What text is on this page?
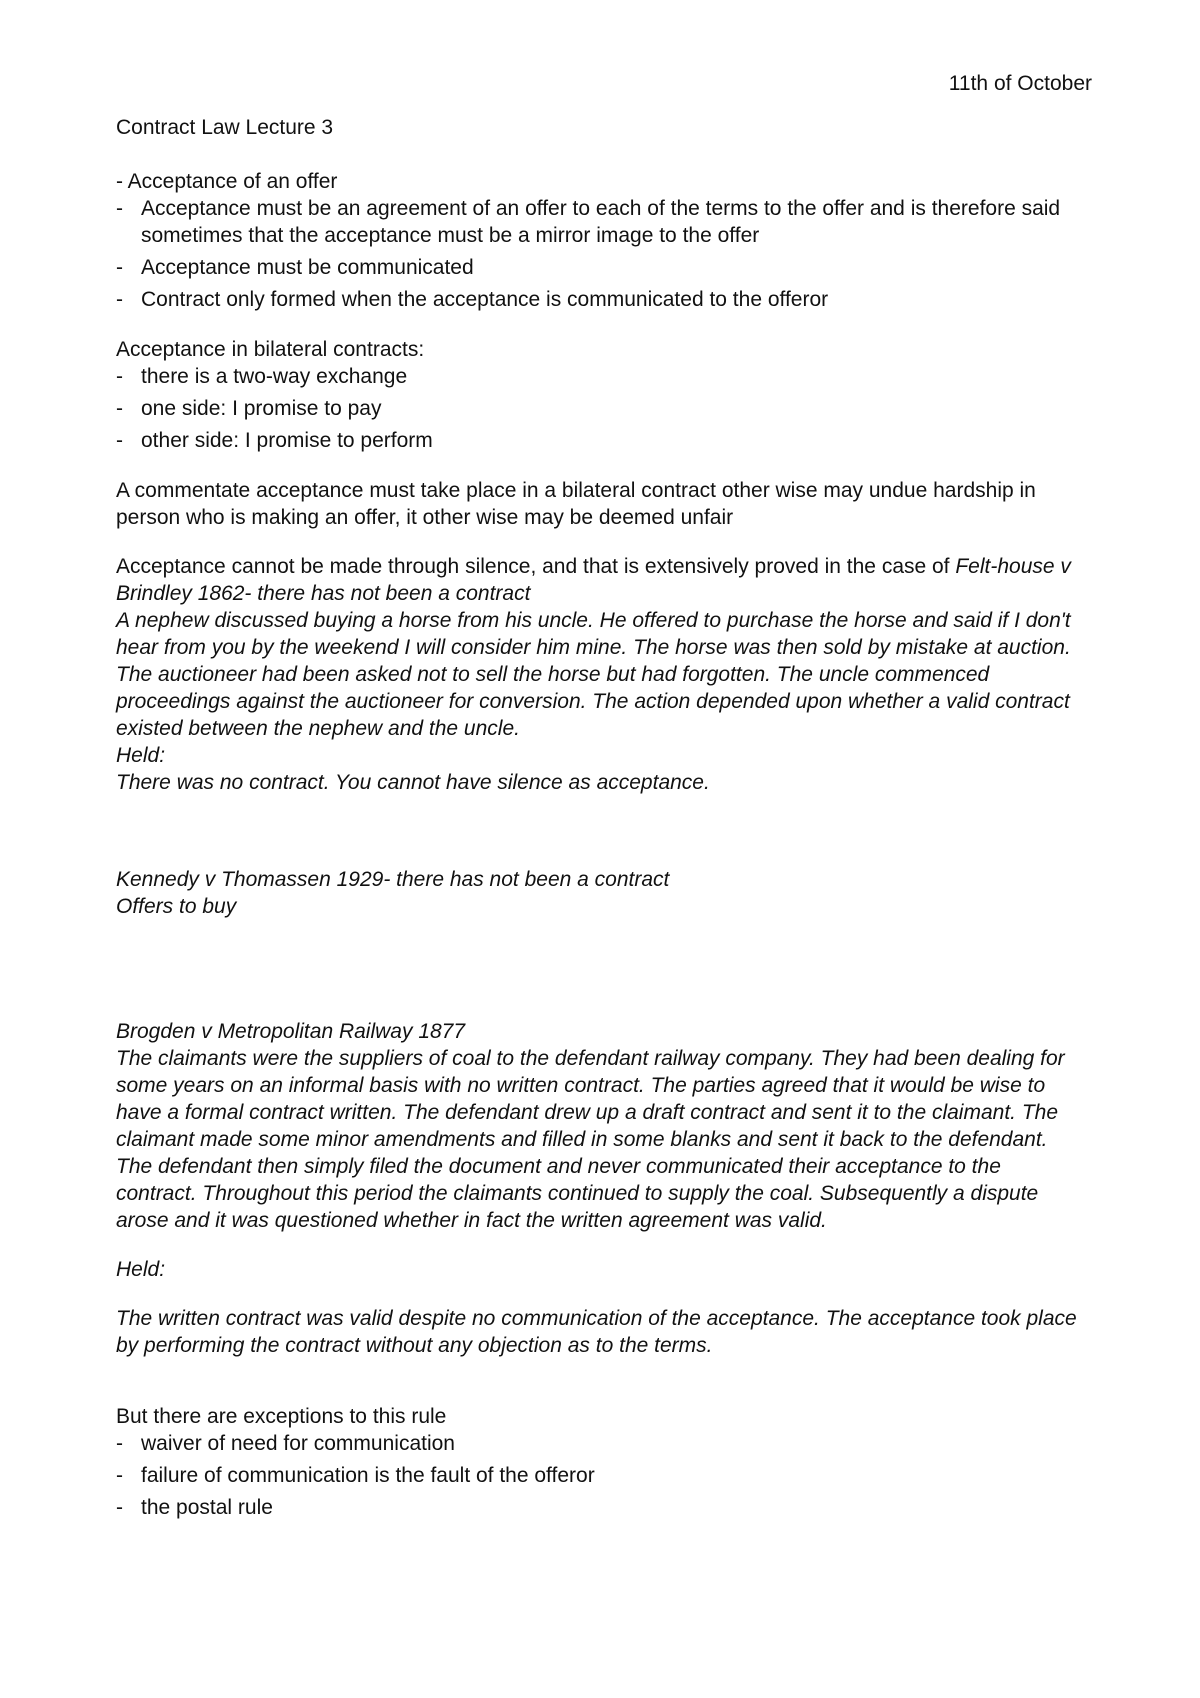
11th of October

Contract Law Lecture 3

- Acceptance of an offer

- Acceptance must be an agreement of an offer to each of the terms to the offer and is therefore said sometimes that the acceptance must be a mirror image to the offer
- Acceptance must be communicated
- Contract only formed when the acceptance is communicated to the offeror

Acceptance in bilateral contracts:

- there is a two-way exchange
- one side: I promise to pay
- other side: I promise to perform

A commentate acceptance must take place in a bilateral contract other wise may undue hardship in person who is making an offer, it other wise may be deemed unfair

Acceptance cannot be made through silence, and that is extensively proved in the case of Felt-house v Brindley 1862- there has not been a contract

A nephew discussed buying a horse from his uncle. He offered to purchase the horse and said if I don't hear from you by the weekend I will consider him mine. The horse was then sold by mistake at auction. The auctioneer had been asked not to sell the horse but had forgotten. The uncle commenced proceedings against the auctioneer for conversion. The action depended upon whether a valid contract existed between the nephew and the uncle.

Held:

There was no contract. You cannot have silence as acceptance.

Kennedy v Thomassen 1929- there has not been a contract

Offers to buy

Brogden v Metropolitan Railway 1877

The claimants were the suppliers of coal to the defendant railway company. They had been dealing for some years on an informal basis with no written contract. The parties agreed that it would be wise to have a formal contract written. The defendant drew up a draft contract and sent it to the claimant. The claimant made some minor amendments and filled in some blanks and sent it back to the defendant. The defendant then simply filed the document and never communicated their acceptance to the contract. Throughout this period the claimants continued to supply the coal. Subsequently a dispute arose and it was questioned whether in fact the written agreement was valid.

Held:

The written contract was valid despite no communication of the acceptance. The acceptance took place by performing the contract without any objection as to the terms.

But there are exceptions to this rule

- waiver of need for communication
- failure of communication is the fault of the offeror
- the postal rule
